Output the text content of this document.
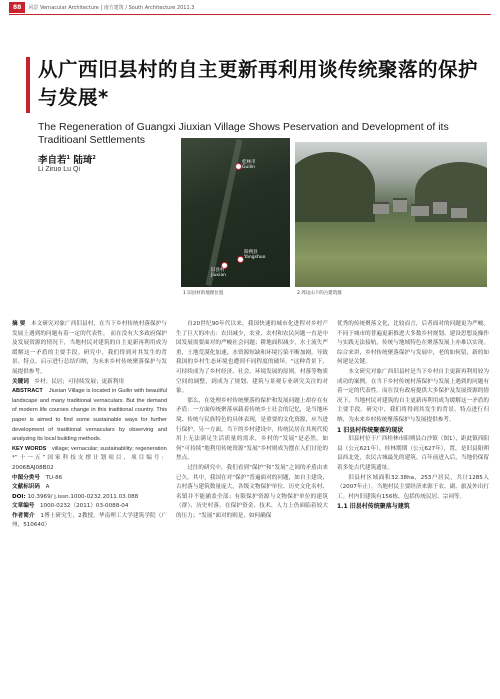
88	风景 Vernacular Architecture | 南方建筑 / South Architecture 2011.3
从广西旧县村的自主更新再利用谈传统聚落的保护与发展*
The Regeneration of Guangxi Jiuxian Village Shows Peservation and Development of its Traditioanl Settlements
李自若$^1$ 陆琦$^2$
Li Ziruo Lu Qi
桂林市
Guilin
阳朔县
Yangshuo
旧县村
Jiuxian
1 旧县村的地理位置	2 周边山下的古建筑群

摘 要　 本文研究对象广西旧县村，在当下乡村传统村落保护与发展上遇到的问题有着一定的代表性。 而在没有大多政府保护及发展资源的情况下，当地村民对建筑的自主更新再利用成为缓解这一矛盾的主要手段。研究中，我们得到对其发生的背景、特点、启示进行总结归纳，为未来乡村传统聚落保护与发展提供参考。

关键词　 乡村；民居；可持续发展；更新利用

ABSTRACT　 Jiuxian Village is located in Guilin with beautiful landscape and many traditional vernaculars. But the demand of modern life courses change in this traditional country. This paper is aimed to find some sustainable ways for further development of traditional vernaculars by observing and analyzing its local building methods.

KEY WORDS　 village; vernacular; sustainability; regeneration

*“十一五”国家科技支撑计划项目，项目编号：2006BAJ08B02

中图分类号　 TU-86

文献标识码　 A

DOI: 10.3969/ j.issn.1000-0232.2011.03.088

文章编号　 1000-0232（2011）03-0088-04

作者简介　 1博士研究生，2教授，华南理工大学建筑学院（广州，510640）

自20世纪90年代以来，我国快速的城市化进程对乡村产生了巨大的冲击：农田减少，农业、农村和农民问题一直是中国发展需要面对的严峻社会问题；耕地面积减少，水土流失严重，土地荒漠化加速，水资源短缺和环境污染不断加剧。导致我国的乡村生态环境也遭到不同程度的破坏。"这种背景下，可持续成为了乡村经济、社会、环境发展的原则。村落等物质空间的调整，到成为了规划、建筑与景观专业研究关注的对象。

那么，在处理乡村传统聚落的保护和发展问题上却存在有矛盾：一方面传统聚落承载着传统乡土社会的记忆，是当地环境、传统与民族特色的具体表现，是重要的文化资源，应当进行保护。另一方面，当下的乡村建设中，传统民居在其现代使用上无法满足生活质量的需求，乡村的“发展”是必然。如何“可持续”地利用传统资源“发展”乡村则成为摆在人们讨论的焦点。

过往的研究中，我们看到“保护”和“发展”之间的矛盾由来已久。其中，我国在对“保护”普遍面对的问题，如自主建设，古村落与建筑数量庞大，各级文物保护单位、历史文化名村、名镇并不能涵盖全部；有限保护资源与文物保护单位的建筑（群）、历史村落，在保护资金、技术、人力上仍面临着较大的压力；“发展”面对的则是，如何确保

优秀的传统聚落文化，比较而言，后者面对的问题更为严峻。不同于城市的普遍更新推进大多数乡村规划、建设思想及操作与实践无法接轨，传统与地域特色在聚落发展上亦难以实现。综合来讲，乡村传统聚落保护与发展中，老的如何留，新的如何建是关键。

本文研究对象广西旧县村是当下乡村自主更新再利用较为成功的案例，在当下乡村传统村落保护与发展上遇到的问题有着一定的代表性。而在没有政府提供大多保护及发展资源的情况下，当地村民对建筑的自主更新再利用成为缓解这一矛盾的主要手段。研究中，我们将得到其发生的背景、特点进行归纳，为未来乡村传统聚落保护与发展提供参考。

1 旧县村传统聚落的现状

旧县村位于广西桂林市阳朔县白沙镇（图1），距此镇西阳县（公元621年），桂林期期（公元627年），置，是旧县阳朔县西北处，农民古城最先的建筑。百年前进入后，当地仍保留着多处古代建筑遗址。

旧县村区域面积32.38ha，253户居民，共计1285人（2007年止）。当地村民主要经济来源于农、副、旅及外出打工。村内旧建筑有156栋，包括传统民居、宗祠等。

1.1 旧县村传统聚落与建筑
